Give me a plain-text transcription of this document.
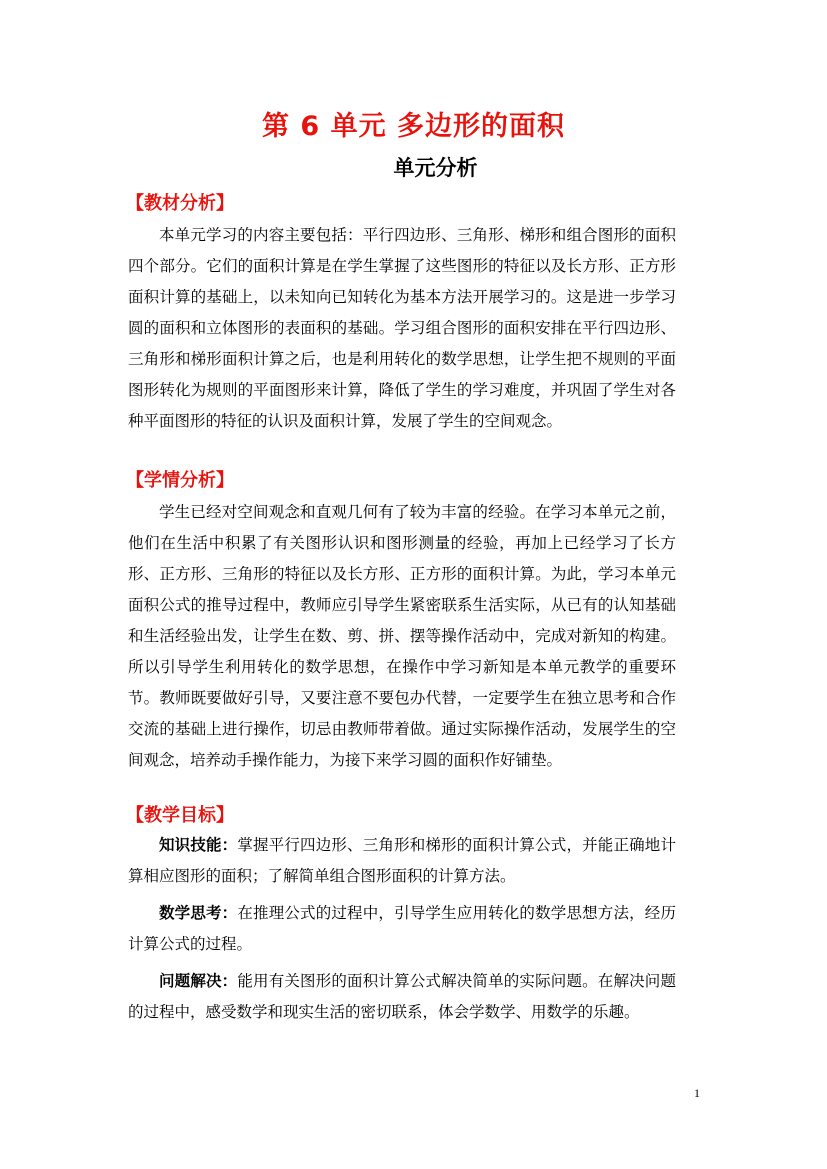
第 6 单元 多边形的面积
单元分析
【教材分析】

本单元学习的内容主要包括：平行四边形、三角形、梯形和组合图形的面积四个部分。它们的面积计算是在学生掌握了这些图形的特征以及长方形、正方形面积计算的基础上，以未知向已知转化为基本方法开展学习的。这是进一步学习圆的面积和立体图形的表面积的基础。学习组合图形的面积安排在平行四边形、三角形和梯形面积计算之后，也是利用转化的数学思想，让学生把不规则的平面图形转化为规则的平面图形来计算，降低了学生的学习难度，并巩固了学生对各种平面图形的特征的认识及面积计算，发展了学生的空间观念。

【学情分析】

学生已经对空间观念和直观几何有了较为丰富的经验。在学习本单元之前，他们在生活中积累了有关图形认识和图形测量的经验，再加上已经学习了长方形、正方形、三角形的特征以及长方形、正方形的面积计算。为此，学习本单元面积公式的推导过程中，教师应引导学生紧密联系生活实际，从已有的认知基础和生活经验出发，让学生在数、剪、拼、摆等操作活动中，完成对新知的构建。所以引导学生利用转化的数学思想，在操作中学习新知是本单元教学的重要环节。教师既要做好引导，又要注意不要包办代替，一定要学生在独立思考和合作交流的基础上进行操作，切忌由教师带着做。通过实际操作活动，发展学生的空间观念，培养动手操作能力，为接下来学习圆的面积作好铺垫。

【教学目标】

知识技能：掌握平行四边形、三角形和梯形的面积计算公式，并能正确地计算相应图形的面积；了解简单组合图形面积的计算方法。

数学思考：在推理公式的过程中，引导学生应用转化的数学思想方法，经历计算公式的过程。

问题解决：能用有关图形的面积计算公式解决简单的实际问题。在解决问题的过程中，感受数学和现实生活的密切联系，体会学数学、用数学的乐趣。

1
